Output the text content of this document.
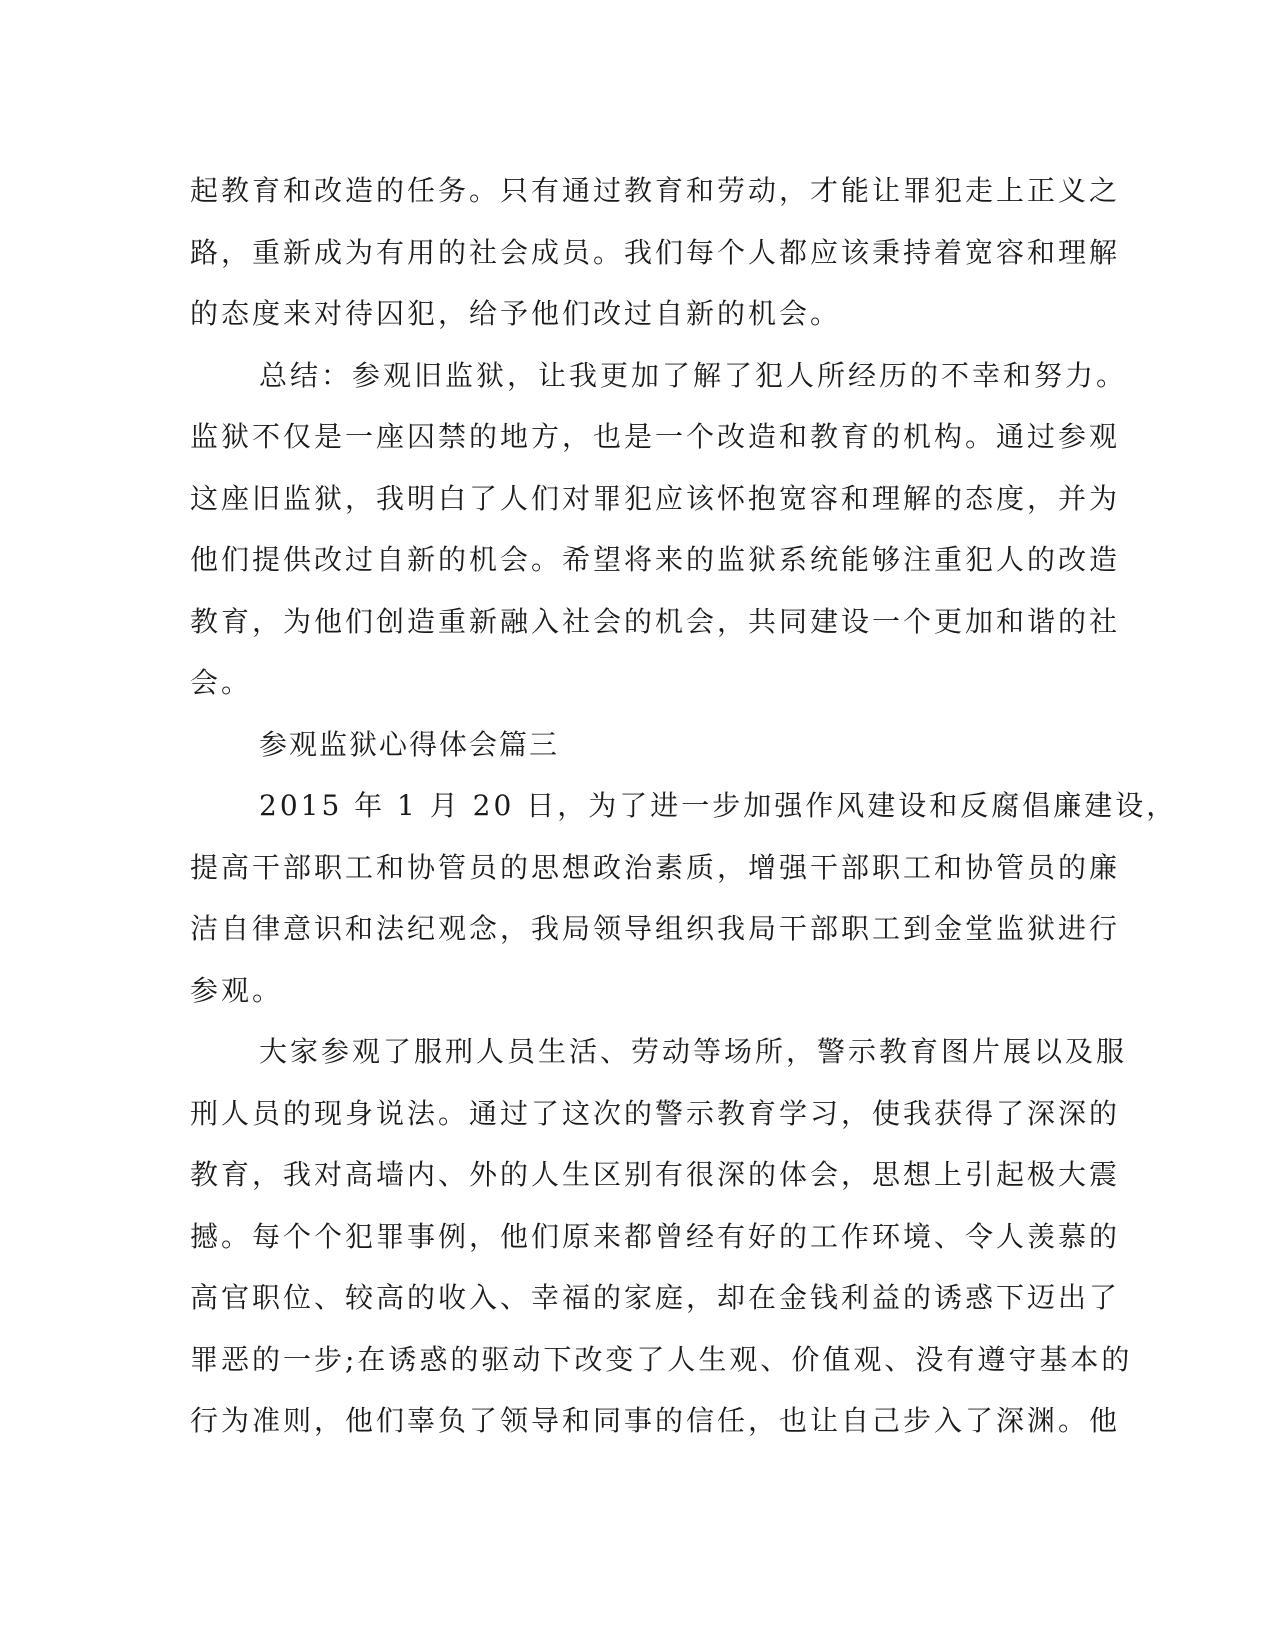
起教育和改造的任务。只有通过教育和劳动，才能让罪犯走上正义之

路，重新成为有用的社会成员。我们每个人都应该秉持着宽容和理解

的态度来对待囚犯，给予他们改过自新的机会。

总结：参观旧监狱，让我更加了解了犯人所经历的不幸和努力。

监狱不仅是一座囚禁的地方，也是一个改造和教育的机构。通过参观

这座旧监狱，我明白了人们对罪犯应该怀抱宽容和理解的态度，并为

他们提供改过自新的机会。希望将来的监狱系统能够注重犯人的改造

教育，为他们创造重新融入社会的机会，共同建设一个更加和谐的社

会。

参观监狱心得体会篇三

2015 年 1 月 20 日，为了进一步加强作风建设和反腐倡廉建设，

提高干部职工和协管员的思想政治素质，增强干部职工和协管员的廉

洁自律意识和法纪观念，我局领导组织我局干部职工到金堂监狱进行

参观。

大家参观了服刑人员生活、劳动等场所，警示教育图片展以及服

刑人员的现身说法。通过了这次的警示教育学习，使我获得了深深的

教育，我对高墙内、外的人生区别有很深的体会，思想上引起极大震

撼。每个个犯罪事例，他们原来都曾经有好的工作环境、令人羡慕的

高官职位、较高的收入、幸福的家庭，却在金钱利益的诱惑下迈出了

罪恶的一步;在诱惑的驱动下改变了人生观、价值观、没有遵守基本的

行为准则，他们辜负了领导和同事的信任，也让自己步入了深渊。他
